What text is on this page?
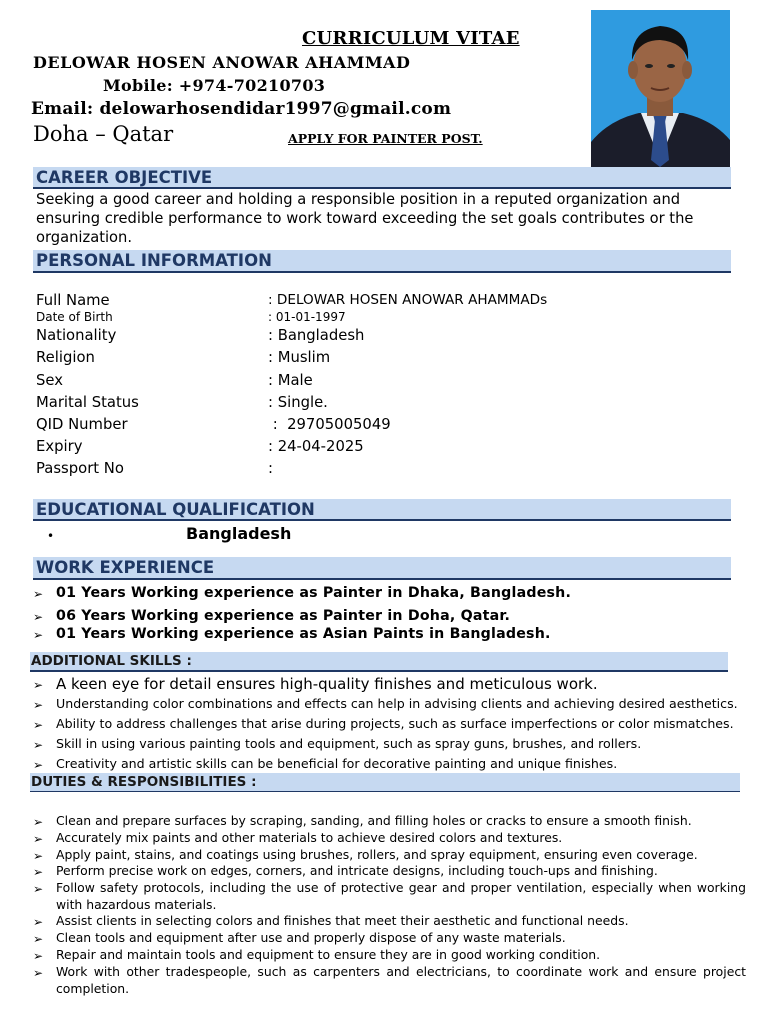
CURRICULUM VITAE
DELOWAR HOSEN ANOWAR AHAMMAD
Mobile: +974-70210703
Email: delowarhosendidar1997@gmail.com
Doha – Qatar	APPLY FOR PAINTER POST.
CAREER OBJECTIVE
Seeking a good career and holding a responsible position in a reputed organization and ensuring credible performance to work toward exceeding the set goals contributes or the organization.
PERSONAL INFORMATION
Full Name	: DELOWAR HOSEN ANOWAR AHAMMADs
Date of Birth	: 01-01-1997
Nationality	: Bangladesh
Religion	: Muslim
Sex	: Male
Marital Status	: Single.
QID Number	:  29705005049
Expiry	: 24-04-2025
Passport No	:
EDUCATIONAL QUALIFICATION
•	Bangladesh
WORK EXPERIENCE
➢ 01 Years Working experience as Painter in Dhaka, Bangladesh.
➢ 06 Years Working experience as Painter in Doha, Qatar.
➢ 01 Years Working experience as Asian Paints in Bangladesh.
ADDITIONAL SKILLS :
➢ A keen eye for detail ensures high-quality finishes and meticulous work.
➢ Understanding color combinations and effects can help in advising clients and achieving desired aesthetics.
➢ Ability to address challenges that arise during projects, such as surface imperfections or color mismatches.
➢ Skill in using various painting tools and equipment, such as spray guns, brushes, and rollers.
➢ Creativity and artistic skills can be beneficial for decorative painting and unique finishes.
DUTIES & RESPONSIBILITIES :
➢ Clean and prepare surfaces by scraping, sanding, and filling holes or cracks to ensure a smooth finish.
➢ Accurately mix paints and other materials to achieve desired colors and textures.
➢ Apply paint, stains, and coatings using brushes, rollers, and spray equipment, ensuring even coverage.
➢ Perform precise work on edges, corners, and intricate designs, including touch-ups and finishing.
➢ Follow safety protocols, including the use of protective gear and proper ventilation, especially when working with hazardous materials.
➢ Assist clients in selecting colors and finishes that meet their aesthetic and functional needs.
➢ Clean tools and equipment after use and properly dispose of any waste materials.
➢ Repair and maintain tools and equipment to ensure they are in good working condition.
➢ Work with other tradespeople, such as carpenters and electricians, to coordinate work and ensure project completion.
